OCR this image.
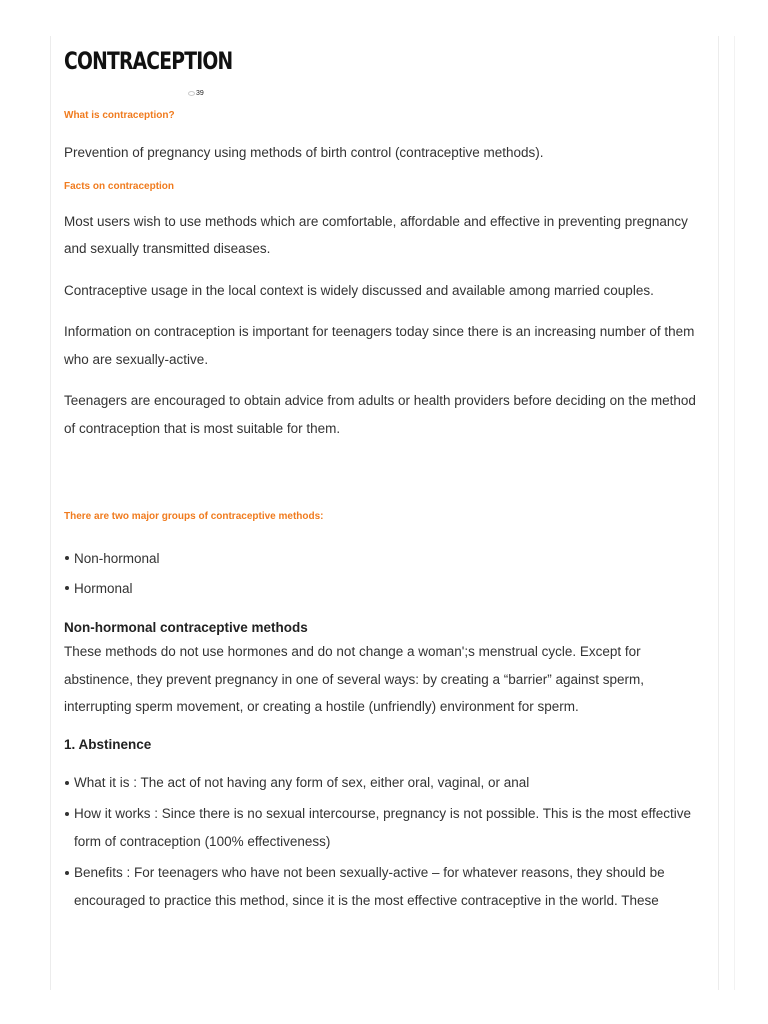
CONTRACEPTION
39
What is contraception?

Prevention of pregnancy using methods of birth control (contraceptive methods).

Facts on contraception

Most users wish to use methods which are comfortable, affordable and effective in preventing pregnancy and sexually transmitted diseases.

Contraceptive usage in the local context is widely discussed and available among married couples.

Information on contraception is important for teenagers today since there is an increasing number of them who are sexually-active.

Teenagers are encouraged to obtain advice from adults or health providers before deciding on the method of contraception that is most suitable for them.

There are two major groups of contraceptive methods:
Non-hormonal
Hormonal
Non-hormonal contraceptive methods

These methods do not use hormones and do not change a woman';s menstrual cycle. Except for abstinence, they prevent pregnancy in one of several ways: by creating a “barrier” against sperm, interrupting sperm movement, or creating a hostile (unfriendly) environment for sperm.

1. Abstinence
What it is : The act of not having any form of sex, either oral, vaginal, or anal
How it works : Since there is no sexual intercourse, pregnancy is not possible. This is the most effective form of contraception (100% effectiveness)
Benefits : For teenagers who have not been sexually-active – for whatever reasons, they should be encouraged to practice this method, since it is the most effective contraceptive in the world. These
